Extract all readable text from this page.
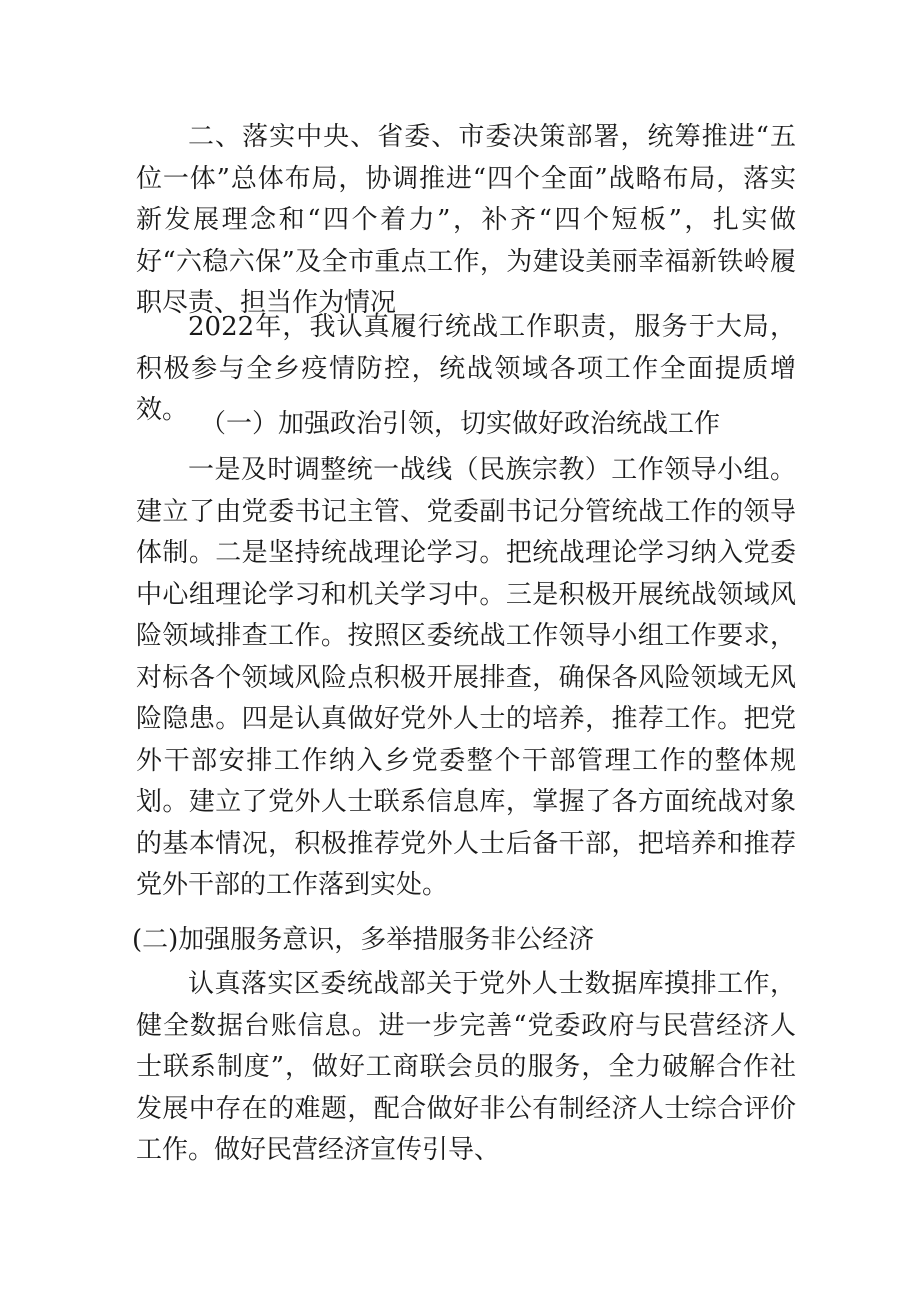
二、落实中央、省委、市委决策部署，统筹推进“五位一体”总体布局，协调推进“四个全面”战略布局，落实新发展理念和“四个着力”，补齐“四个短板”，扎实做好“六稳六保”及全市重点工作，为建设美丽幸福新铁岭履职尽责、担当作为情况

2022年，我认真履行统战工作职责，服务于大局，积极参与全乡疫情防控，统战领域各项工作全面提质增效。 （一）加强政治引领，切实做好政治统战工作

一是及时调整统一战线（民族宗教）工作领导小组。建立了由党委书记主管、党委副书记分管统战工作的领导体制。二是坚持统战理论学习。把统战理论学习纳入党委中心组理论学习和机关学习中。三是积极开展统战领域风险领域排查工作。按照区委统战工作领导小组工作要求，对标各个领域风险点积极开展排查，确保各风险领域无风险隐患。四是认真做好党外人士的培养，推荐工作。把党外干部安排工作纳入乡党委整个干部管理工作的整体规划。建立了党外人士联系信息库，掌握了各方面统战对象的基本情况，积极推荐党外人士后备干部，把培养和推荐党外干部的工作落到实处。

(二)加强服务意识，多举措服务非公经济

认真落实区委统战部关于党外人士数据库摸排工作，健全数据台账信息。进一步完善“党委政府与民营经济人士联系制度”，做好工商联会员的服务，全力破解合作社发展中存在的难题，配合做好非公有制经济人士综合评价工作。做好民营经济宣传引导、
